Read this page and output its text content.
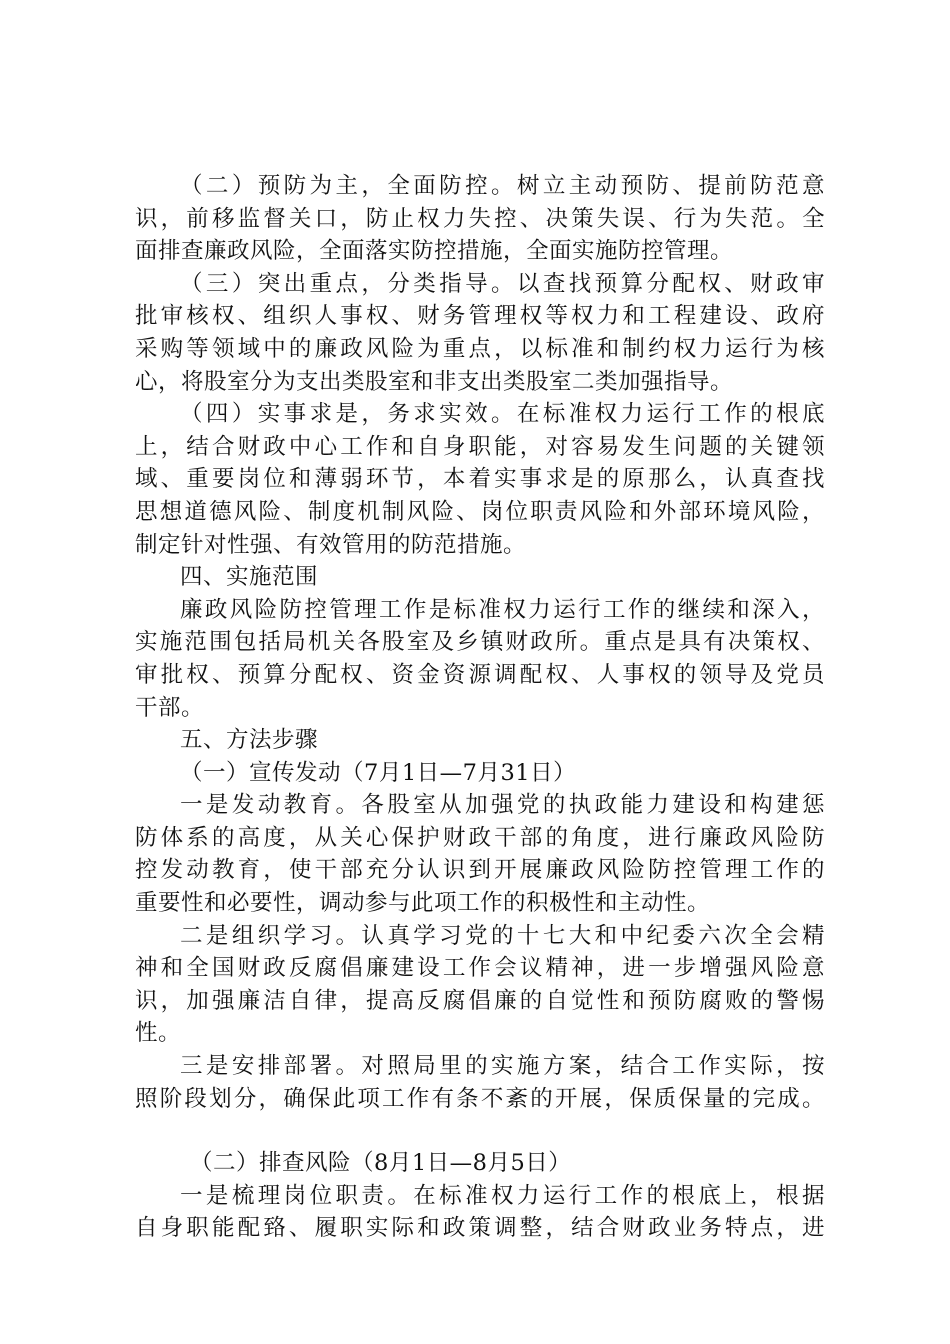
（二）预防为主，全面防控。树立主动预防、提前防范意
识，前移监督关口，防止权力失控、决策失误、行为失范。全
面排查廉政风险，全面落实防控措施，全面实施防控管理。
（三）突出重点，分类指导。以查找预算分配权、财政审
批审核权、组织人事权、财务管理权等权力和工程建设、政府
采购等领域中的廉政风险为重点，以标准和制约权力运行为核
心，将股室分为支出类股室和非支出类股室二类加强指导。
（四）实事求是，务求实效。在标准权力运行工作的根底
上，结合财政中心工作和自身职能，对容易发生问题的关键领
域、重要岗位和薄弱环节，本着实事求是的原那么，认真查找
思想道德风险、制度机制风险、岗位职责风险和外部环境风险，
制定针对性强、有效管用的防范措施。
四、实施范围
廉政风险防控管理工作是标准权力运行工作的继续和深入，
实施范围包括局机关各股室及乡镇财政所。重点是具有决策权、
审批权、预算分配权、资金资源调配权、人事权的领导及党员
干部。
五、方法步骤
（一）宣传发动（7月1日—7月31日）
一是发动教育。各股室从加强党的执政能力建设和构建惩
防体系的高度，从关心保护财政干部的角度，进行廉政风险防
控发动教育，使干部充分认识到开展廉政风险防控管理工作的
重要性和必要性，调动参与此项工作的积极性和主动性。
二是组织学习。认真学习党的十七大和中纪委六次全会精
神和全国财政反腐倡廉建设工作会议精神，进一步增强风险意
识，加强廉洁自律，提高反腐倡廉的自觉性和预防腐败的警惕
性。
三是安排部署。对照局里的实施方案，结合工作实际，按
照阶段划分，确保此项工作有条不紊的开展，保质保量的完成。
（二）排查风险（8月1日—8月5日）
一是梳理岗位职责。在标准权力运行工作的根底上，根据
自身职能配臵、履职实际和政策调整，结合财政业务特点，进
